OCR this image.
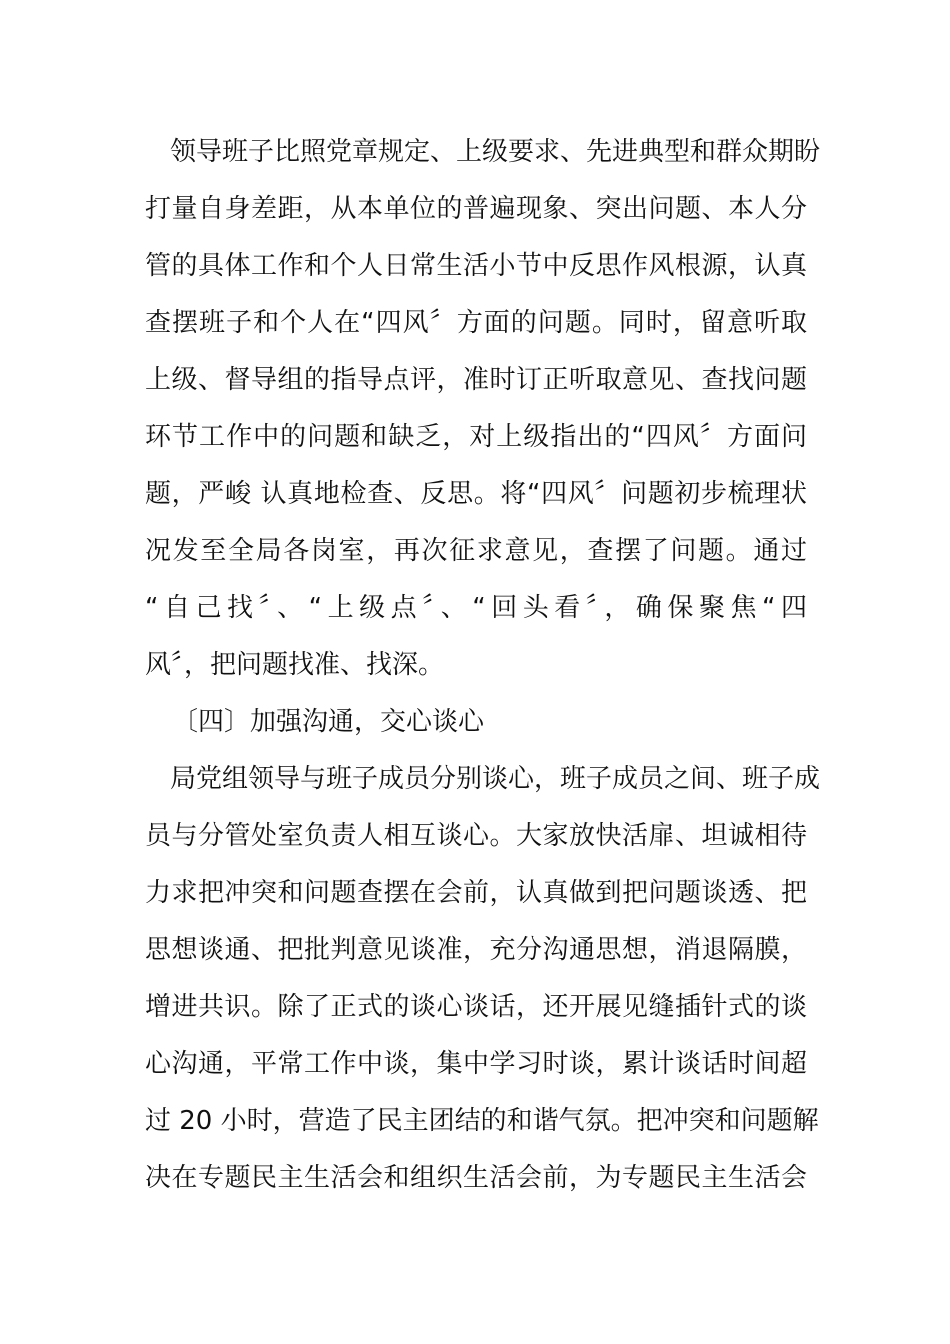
领导班子比照党章规定、上级要求、先进典型和群众期盼
打量自身差距，从本单位的普遍现象、突出问题、本人分
管的具体工作和个人日常生活小节中反思作风根源，认真
查摆班子和个人在“四风〞方面的问题。同时，留意听取
上级、督导组的指导点评，准时订正听取意见、查找问题
环节工作中的问题和缺乏，对上级指出的“四风〞方面问
题，严峻 认真地检查、反思。将“四风〞问题初步梳理状
况发至全局各岗室，再次征求意见，查摆了问题。通过
“自己找〞、“上级点〞、“回头看〞，确保聚焦“四
风〞，把问题找准、找深。
〔四〕加强沟通，交心谈心
局党组领导与班子成员分别谈心，班子成员之间、班子成
员与分管处室负责人相互谈心。大家放快活扉、坦诚相待
力求把冲突和问题查摆在会前，认真做到把问题谈透、把
思想谈通、把批判意见谈准，充分沟通思想，消退隔膜，
增进共识。除了正式的谈心谈话，还开展见缝插针式的谈
心沟通，平常工作中谈，集中学习时谈，累计谈话时间超
过 20 小时，营造了民主团结的和谐气氛。把冲突和问题解
决在专题民主生活会和组织生活会前，为专题民主生活会
